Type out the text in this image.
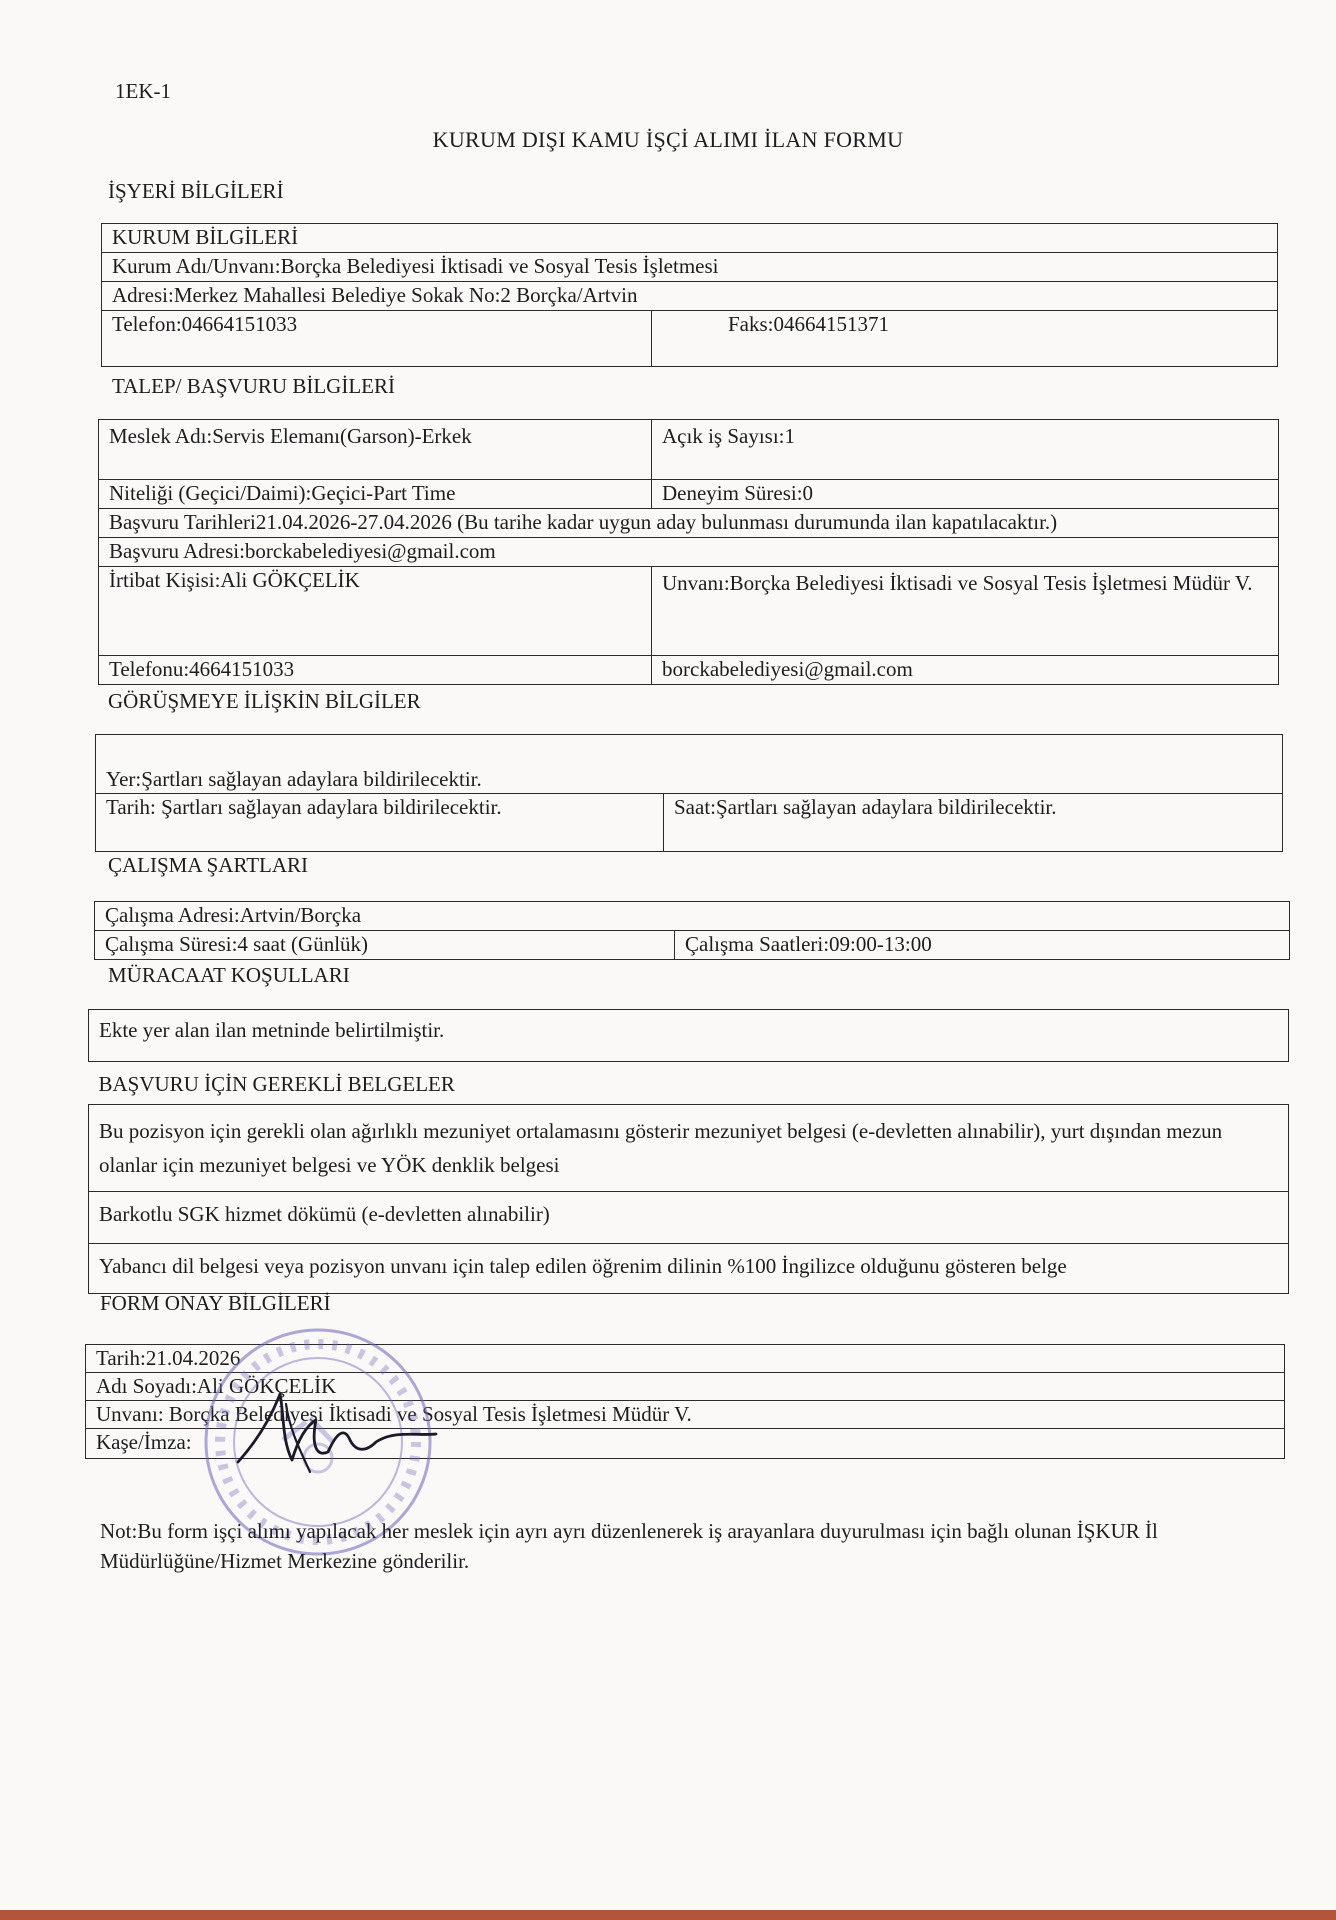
1EK-1
KURUM DIŞI KAMU İŞÇİ ALIMI İLAN FORMU
İŞYERİ BİLGİLERİ
KURUM BİLGİLERİ
Kurum Adı/Unvanı:Borçka Belediyesi İktisadi ve Sosyal Tesis İşletmesi
Adresi:Merkez Mahallesi Belediye Sokak No:2 Borçka/Artvin
Telefon:04664151033	Faks:04664151371
TALEP/ BAŞVURU BİLGİLERİ
Meslek Adı:Servis Elemanı(Garson)-Erkek	Açık iş Sayısı:1
Niteliği (Geçici/Daimi):Geçici-Part Time	Deneyim Süresi:0
Başvuru Tarihleri21.04.2026-27.04.2026 (Bu tarihe kadar uygun aday bulunması durumunda ilan kapatılacaktır.)	
Başvuru Adresi:borckabelediyesi@gmail.com	
İrtibat Kişisi:Ali GÖKÇELİK	Unvanı:Borçka Belediyesi İktisadi ve Sosyal Tesis İşletmesi Müdür V.
Telefonu:4664151033	borckabelediyesi@gmail.com
GÖRÜŞMEYE İLİŞKİN BİLGİLER
Yer:Şartları sağlayan adaylara bildirilecektir.
Tarih: Şartları sağlayan adaylara bildirilecektir.	Saat:Şartları sağlayan adaylara bildirilecektir.
ÇALIŞMA ŞARTLARI
Çalışma Adresi:Artvin/Borçka
Çalışma Süresi:4 saat (Günlük)	Çalışma Saatleri:09:00-13:00
MÜRACAAT KOŞULLARI
Ekte yer alan ilan metninde belirtilmiştir.
BAŞVURU İÇİN GEREKLİ BELGELER
Bu pozisyon için gerekli olan ağırlıklı mezuniyet ortalamasını gösterir mezuniyet belgesi (e-devletten alınabilir), yurt dışından mezun olanlar için mezuniyet belgesi ve YÖK denklik belgesi
Barkotlu SGK hizmet dökümü (e-devletten alınabilir)
Yabancı dil belgesi veya pozisyon unvanı için talep edilen öğrenim dilinin %100 İngilizce olduğunu gösteren belge
FORM ONAY BİLGİLERİ
Tarih:21.04.2026
Adı Soyadı:Ali GÖKÇELİK
Unvanı: Borçka Belediyesi İktisadi ve Sosyal Tesis İşletmesi Müdür V.
Kaşe/İmza:
Not:Bu form işçi alımı yapılacak her meslek için ayrı ayrı düzenlenerek iş arayanlara duyurulması için bağlı olunan İŞKUR İl Müdürlüğüne/Hizmet Merkezine gönderilir.
